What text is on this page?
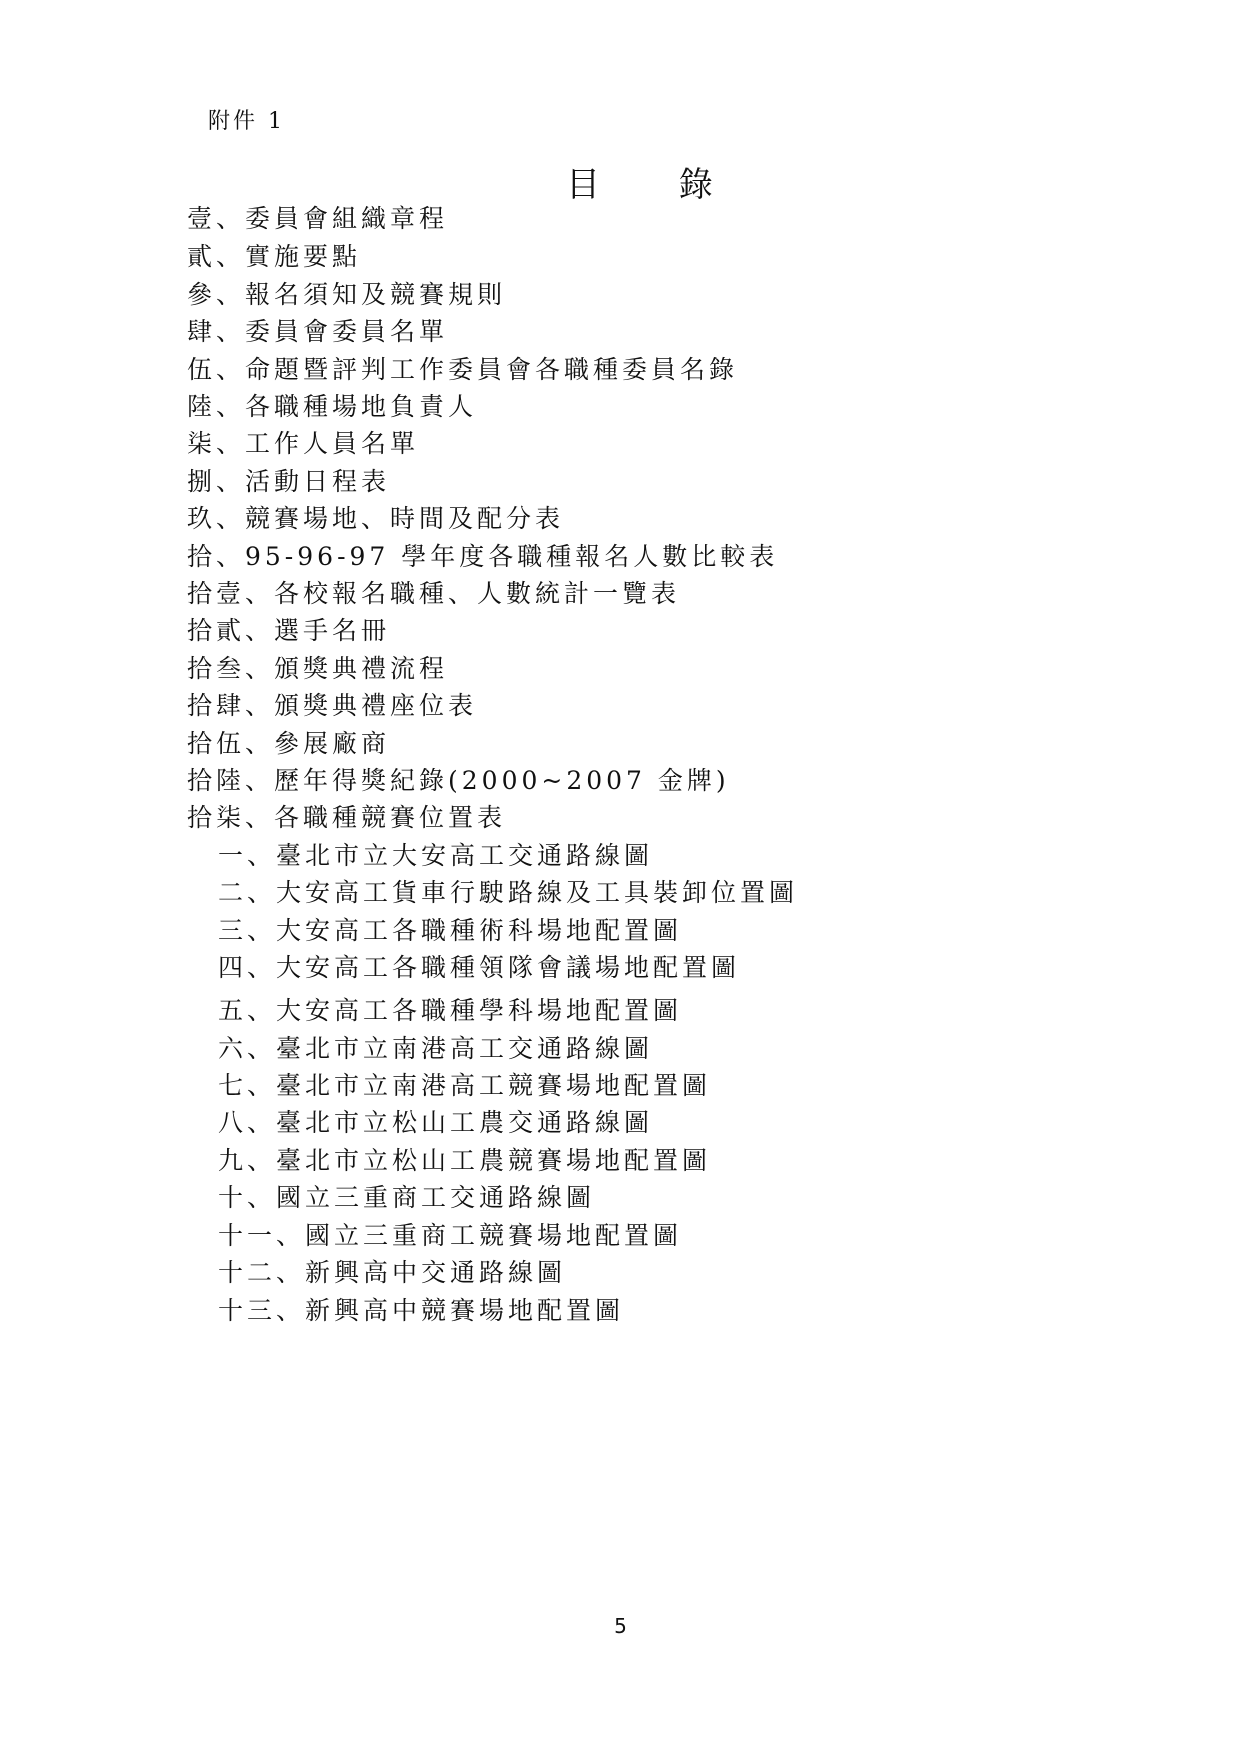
附件 1
目 錄
壹、委員會組織章程
貳、實施要點
參、報名須知及競賽規則
肆、委員會委員名單
伍、命題暨評判工作委員會各職種委員名錄
陸、各職種場地負責人
柒、工作人員名單
捌、活動日程表
玖、競賽場地、時間及配分表
拾、95-96-97 學年度各職種報名人數比較表
拾壹、各校報名職種、人數統計一覽表
拾貳、選手名冊
拾叁、頒獎典禮流程
拾肆、頒獎典禮座位表
拾伍、參展廠商
拾陸、歷年得獎紀錄(2000~2007 金牌)
拾柒、各職種競賽位置表
一、臺北市立大安高工交通路線圖
二、大安高工貨車行駛路線及工具裝卸位置圖
三、大安高工各職種術科場地配置圖
四、大安高工各職種領隊會議場地配置圖
五、大安高工各職種學科場地配置圖
六、臺北市立南港高工交通路線圖
七、臺北市立南港高工競賽場地配置圖
八、臺北市立松山工農交通路線圖
九、臺北市立松山工農競賽場地配置圖
十、國立三重商工交通路線圖
十一、國立三重商工競賽場地配置圖
十二、新興高中交通路線圖
十三、新興高中競賽場地配置圖
5
